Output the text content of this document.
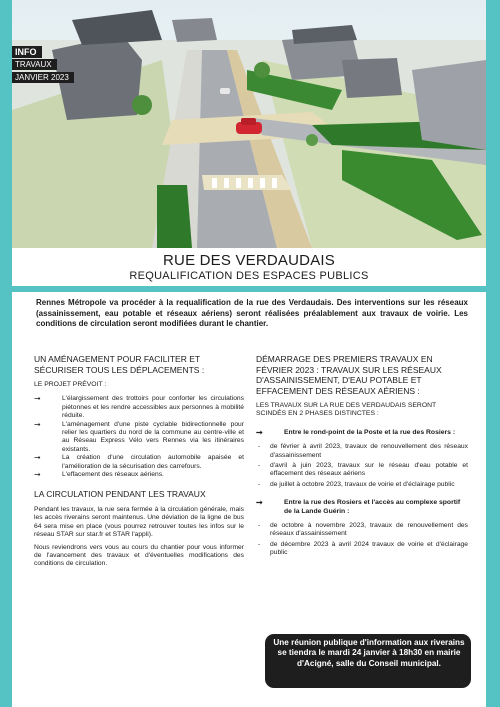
INFO
TRAVAUX
JANVIER 2023
RUE DES VERDAUDAIS
REQUALIFICATION DES ESPACES PUBLICS
Rennes Métropole va procéder à la requalification de la rue des Verdaudais. Des interventions sur les réseaux (assainissement, eau potable et réseaux aériens) seront réalisées préalablement aux travaux de voirie. Les conditions de circulation seront modifiées durant le chantier.
UN AMÉNAGEMENT POUR FACILITER ET SÉCURISER TOUS LES DÉPLACEMENTS :
LE PROJET PRÉVOIT :
➞	L'élargissement des trottoirs pour conforter les circulations piétonnes et les rendre accessibles aux personnes à mobilité réduite.
➞	L'aménagement d'une piste cyclable bidirectionnelle pour relier les quartiers du nord de la commune au centre-ville et au Réseau Express Vélo vers Rennes via les itinéraires existants.
➞	La création d'une circulation automobile apaisée et l'amélioration de la sécurisation des carrefours.
➞	L'effacement des réseaux aériens.
LA CIRCULATION PENDANT LES TRAVAUX

Pendant les travaux, la rue sera fermée à la circulation générale, mais les accès riverains seront maintenus. Une déviation de la ligne de bus 64 sera mise en place (vous pourrez retrouver toutes les infos sur le réseau STAR sur star.fr et STAR l'appli).

Nous reviendrons vers vous au cours du chantier pour vous informer de l'avancement des travaux et d'éventuelles modifications des conditions de circulation.

DÉMARRAGE DES PREMIERS TRAVAUX EN FÉVRIER 2023 : TRAVAUX SUR LES RÉSEAUX D'ASSAINISSEMENT, D'EAU POTABLE ET EFFACEMENT DES RÉSEAUX AÉRIENS :
LES TRAVAUX SUR LA RUE DES VERDAUDAIS SERONT SCINDÉS EN 2 PHASES DISTINCTES :
➞	Entre le rond-point de la Poste et la rue des Rosiers :
-	de février à avril 2023, travaux de renouvellement des réseaux d'assainissement
-	d'avril à juin 2023, travaux sur le réseau d'eau potable et effacement des réseaux aériens
-	de juillet à octobre 2023, travaux de voirie et d'éclairage public
➞	Entre la rue des Rosiers et l'accès au complexe sportif de la Lande Guérin :
-	de octobre à novembre 2023, travaux de renouvellement des réseaux d'assainissement
-	de décembre 2023 à avril 2024 travaux de voirie et d'éclairage public
Une réunion publique d'information aux riverains se tiendra le mardi 24 janvier à 18h30 en mairie d'Acigné, salle du Conseil municipal.
